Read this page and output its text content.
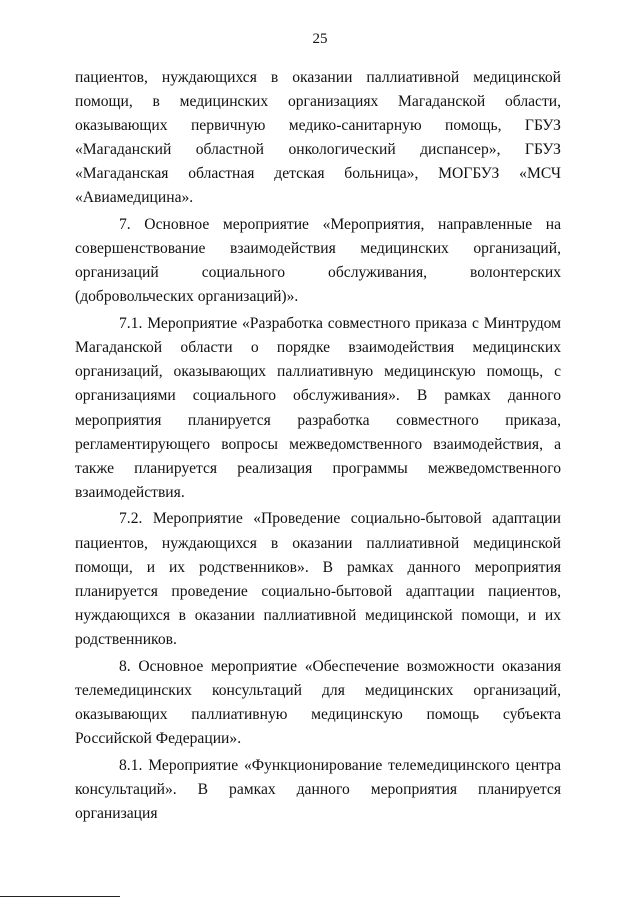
25

пациентов, нуждающихся в оказании паллиативной медицинской помощи, в медицинских организациях Магаданской области, оказывающих первичную медико-санитарную помощь, ГБУЗ «Магаданский областной онкологический диспансер», ГБУЗ «Магаданская областная детская больница», МОГБУЗ «МСЧ «Авиамедицина».

7. Основное мероприятие «Мероприятия, направленные на совершенствование взаимодействия медицинских организаций, организаций социального обслуживания, волонтерских (добровольческих организаций)».

7.1. Мероприятие «Разработка совместного приказа с Минтрудом Магаданской области о порядке взаимодействия медицинских организаций, оказывающих паллиативную медицинскую помощь, с организациями социального обслуживания». В рамках данного мероприятия планируется разработка совместного приказа, регламентирующего вопросы межведомственного взаимодействия, а также планируется реализация программы межведомственного взаимодействия.

7.2. Мероприятие «Проведение социально-бытовой адаптации пациентов, нуждающихся в оказании паллиативной медицинской помощи, и их родственников». В рамках данного мероприятия планируется проведение социально-бытовой адаптации пациентов, нуждающихся в оказании паллиативной медицинской помощи, и их родственников.

8. Основное мероприятие «Обеспечение возможности оказания телемедицинских консультаций для медицинских организаций, оказывающих паллиативную медицинскую помощь субъекта Российской Федерации».

8.1. Мероприятие «Функционирование телемедицинского центра консультаций». В рамках данного мероприятия планируется организация
